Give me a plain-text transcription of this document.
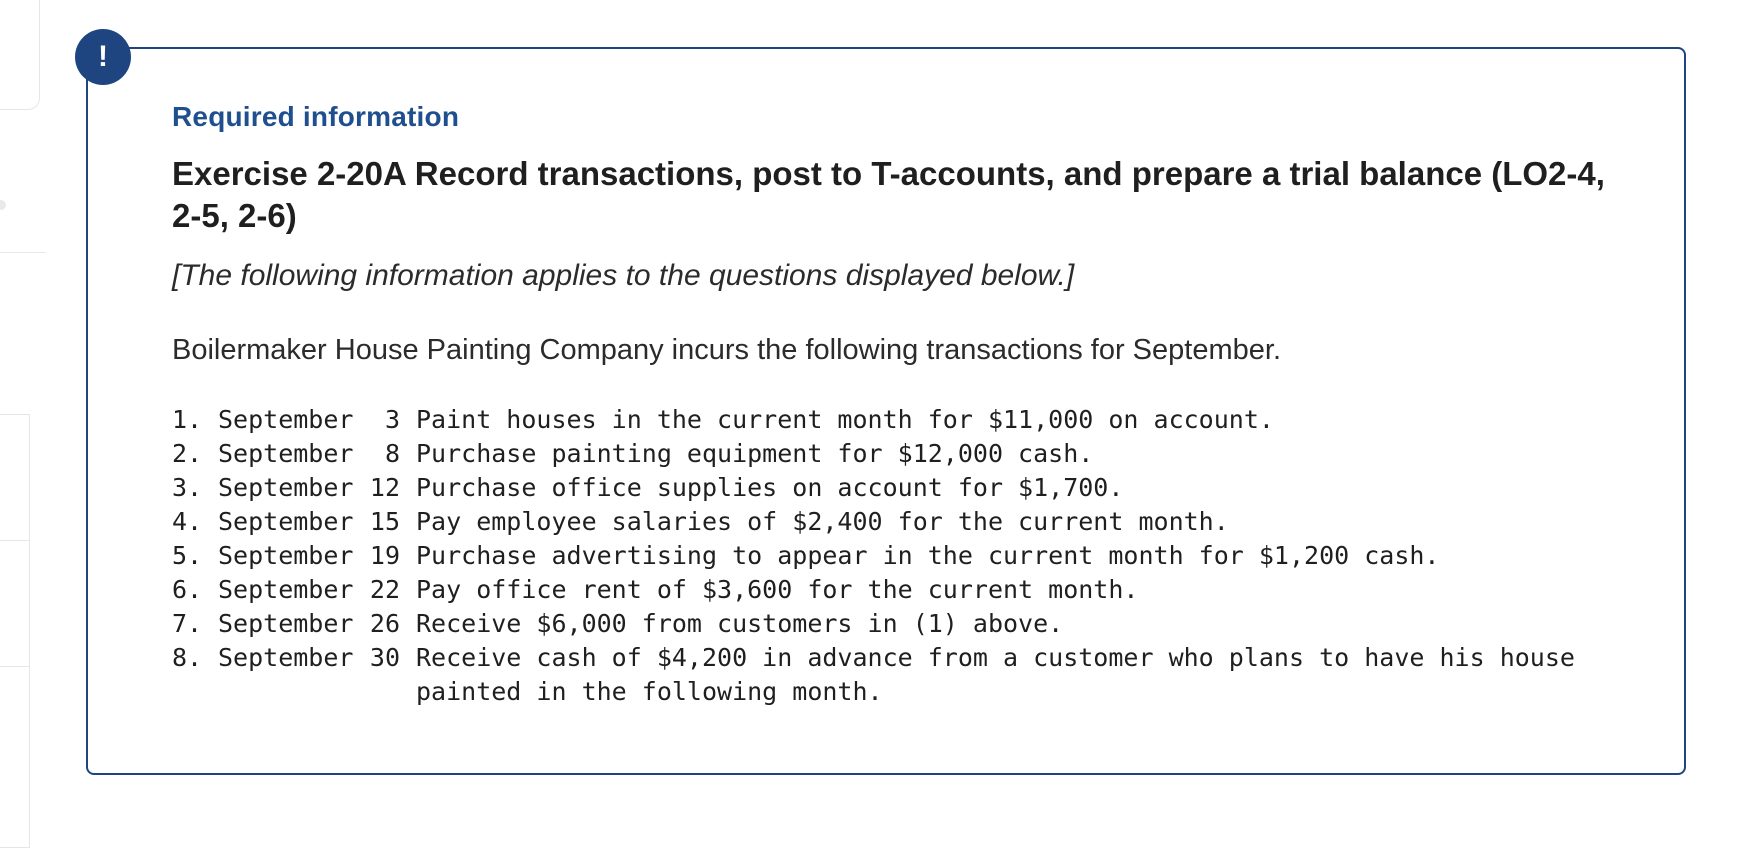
!
Required information
Exercise 2-20A Record transactions, post to T-accounts, and prepare a trial balance (LO2-4, 2-5, 2-6)

[The following information applies to the questions displayed below.]

Boilermaker House Painting Company incurs the following transactions for September.

1. September	3 Paint houses in the current month for $11,000 on account.
2. September	8 Purchase painting equipment for $12,000 cash.
3. September 12 Purchase office supplies on account for $1,700.
4. September 15 Pay employee salaries of $2,400 for the current month.
5. September 19 Purchase advertising to appear in the current month for $1,200 cash.
6. September 22 Pay office rent of $3,600 for the current month.
7. September 26 Receive $6,000 from customers in (1) above.
8. September 30 Receive cash of $4,200 in advance from a customer who plans to have his house painted in the following month.
